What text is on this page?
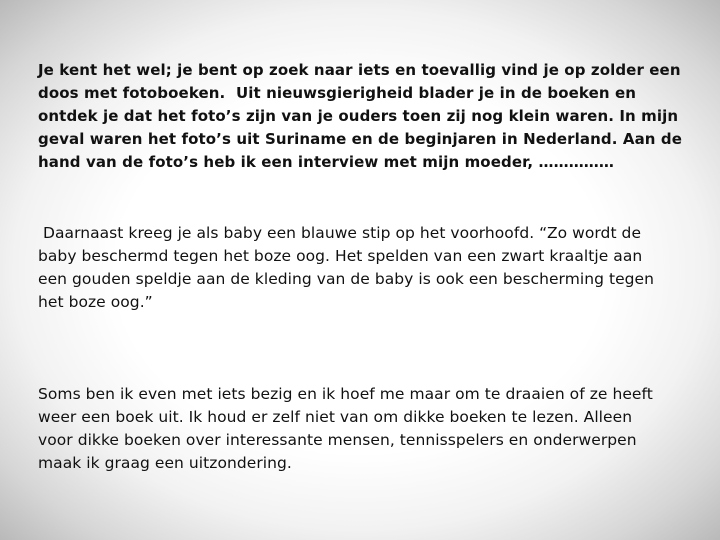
Je kent het wel; je bent op zoek naar iets en toevallig vind je op zolder een
doos met fotoboeken.  Uit nieuwsgierigheid blader je in de boeken en
ontdek je dat het foto’s zijn van je ouders toen zij nog klein waren. In mijn
geval waren het foto’s uit Suriname en de beginjaren in Nederland. Aan de
hand van de foto’s heb ik een interview met mijn moeder, ……………

Daarnaast kreeg je als baby een blauwe stip op het voorhoofd. “Zo wordt de
baby beschermd tegen het boze oog. Het spelden van een zwart kraaltje aan
een gouden speldje aan de kleding van de baby is ook een bescherming tegen
het boze oog.”

Soms ben ik even met iets bezig en ik hoef me maar om te draaien of ze heeft
weer een boek uit. Ik houd er zelf niet van om dikke boeken te lezen. Alleen
voor dikke boeken over interessante mensen, tennisspelers en onderwerpen
maak ik graag een uitzondering.
